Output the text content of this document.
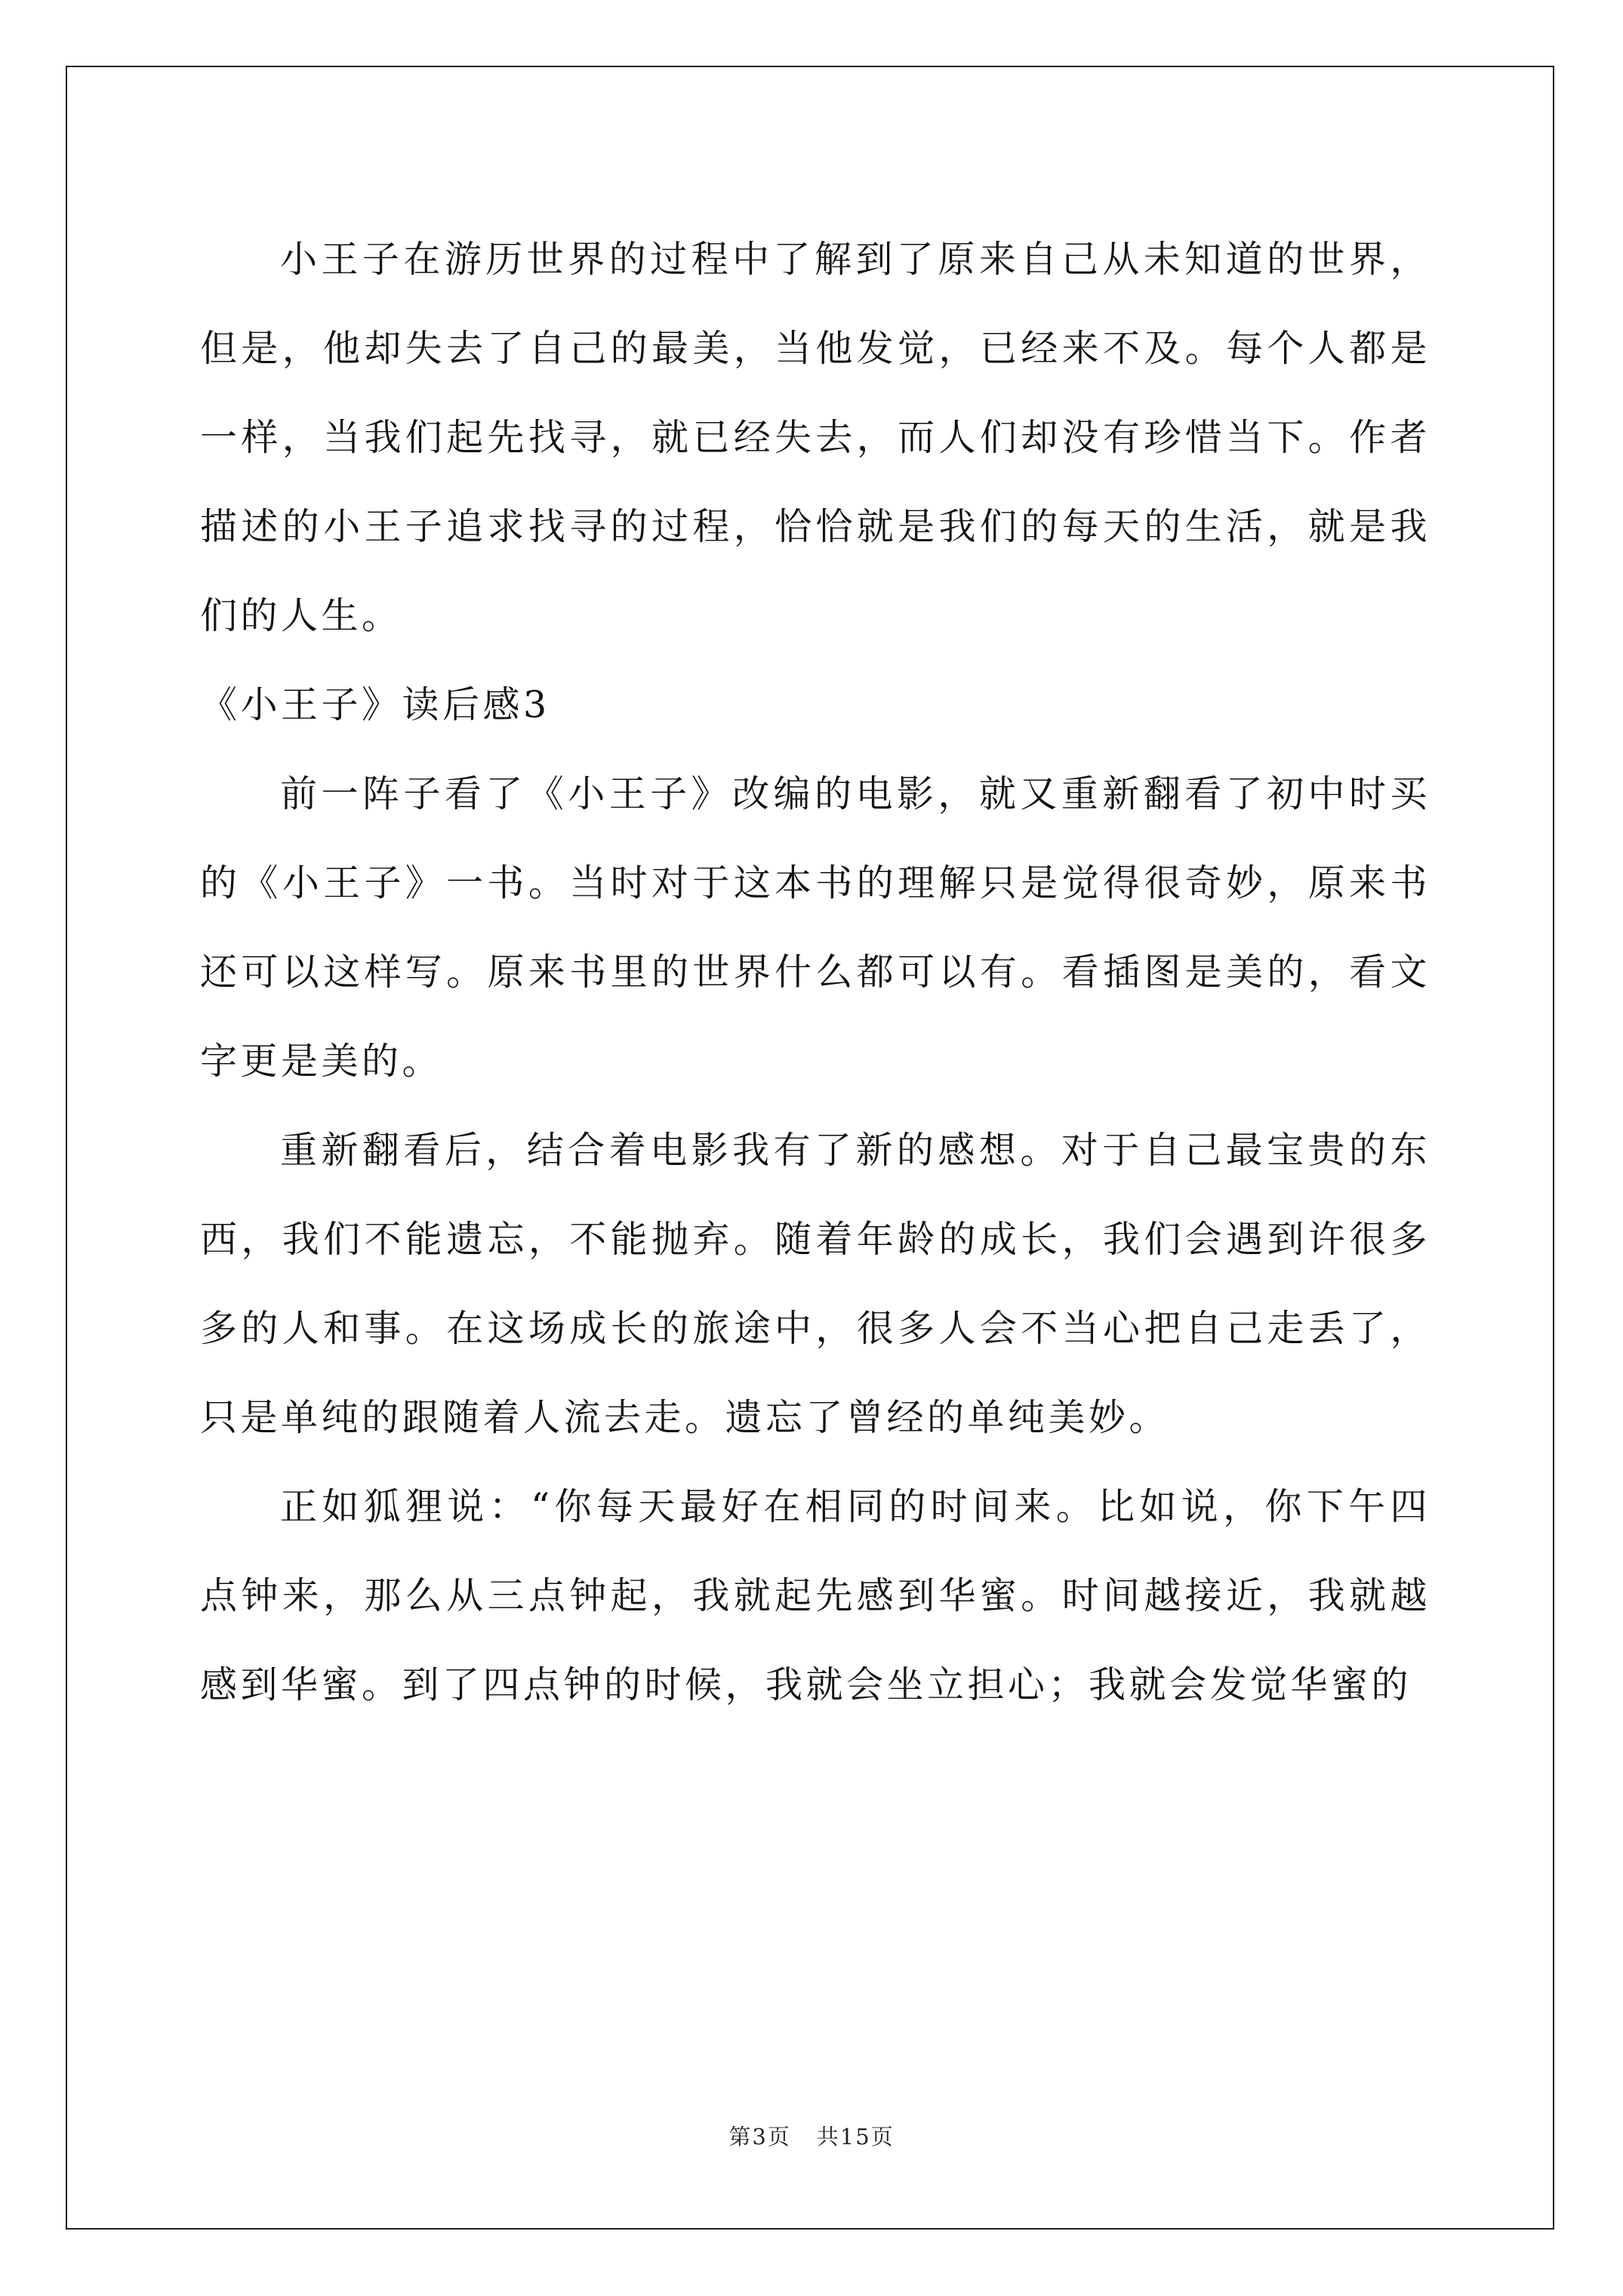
小王子在游历世界的过程中了解到了原来自己从未知道的世界，但是，他却失去了自己的最美，当他发觉，已经来不及。每个人都是一样，当我们起先找寻，就已经失去，而人们却没有珍惜当下。作者描述的小王子追求找寻的过程，恰恰就是我们的每天的生活，就是我们的人生。

《小王子》读后感3

前一阵子看了《小王子》改编的电影，就又重新翻看了初中时买的《小王子》一书。当时对于这本书的理解只是觉得很奇妙，原来书还可以这样写。原来书里的世界什么都可以有。看插图是美的，看文字更是美的。

重新翻看后，结合着电影我有了新的感想。对于自己最宝贵的东西，我们不能遗忘，不能抛弃。随着年龄的成长，我们会遇到许很多多的人和事。在这场成长的旅途中，很多人会不当心把自己走丢了，只是单纯的跟随着人流去走。遗忘了曾经的单纯美妙。

正如狐狸说：“你每天最好在相同的时间来。比如说，你下午四点钟来，那么从三点钟起，我就起先感到华蜜。时间越接近，我就越感到华蜜。到了四点钟的时候，我就会坐立担心；我就会发觉华蜜的

第3页 共15页
